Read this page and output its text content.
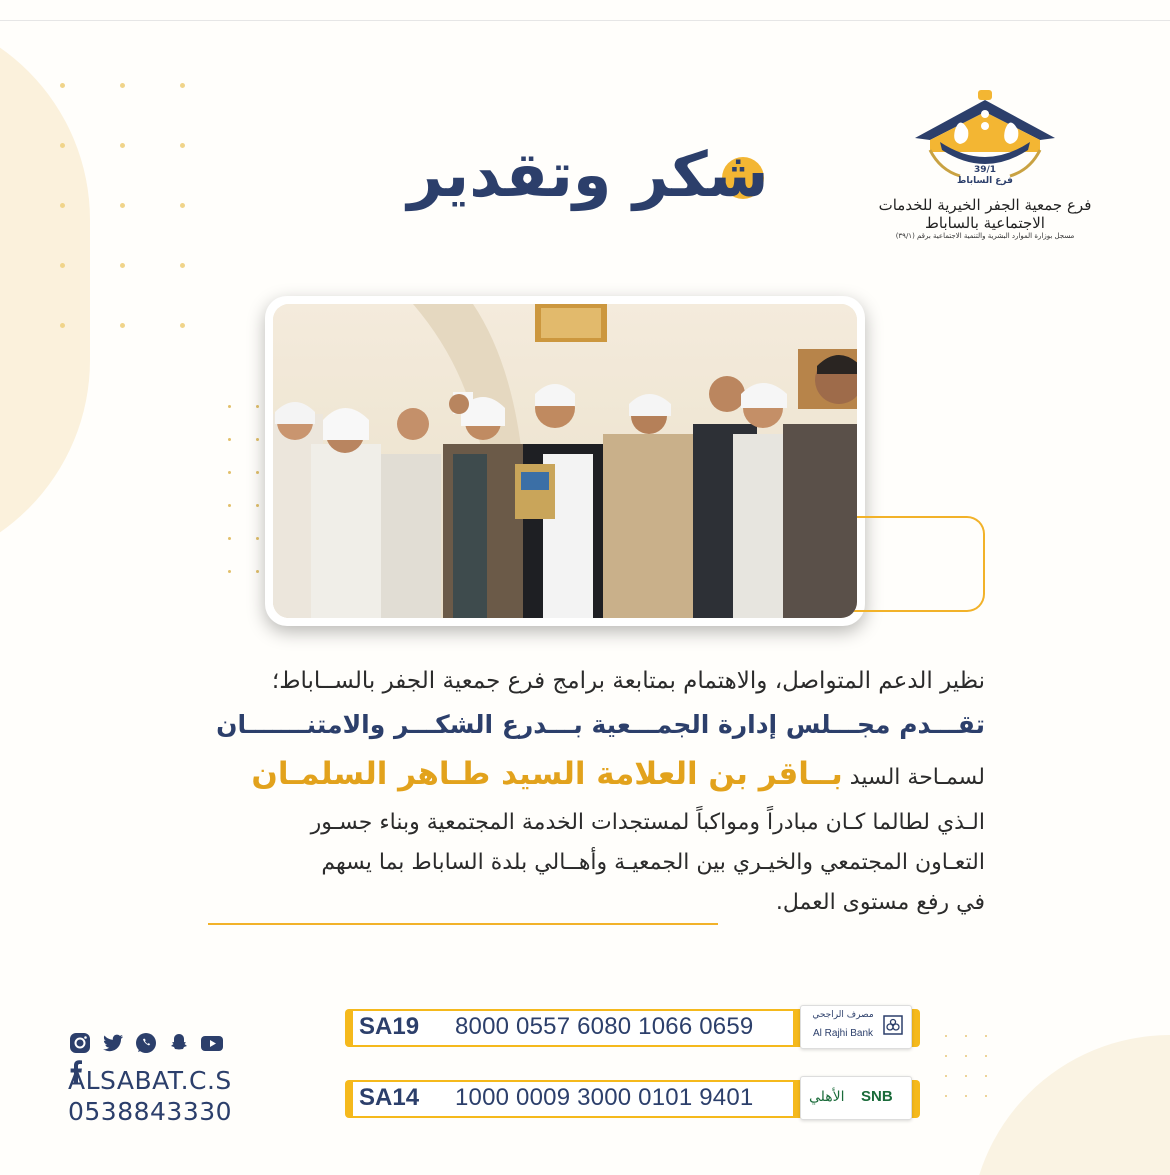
39/1
فرع الساباط
فرع جمعية الجفر الخيرية للخدمات الاجتماعية بالساباط
مسجل بوزارة الموارد البشرية والتنمية الاجتماعية برقم (٣٩/١)
شكر وتقدير
نظير الدعم المتواصل، والاهتمام بمتابعة برامج فرع جمعية الجفر بالســاباط؛
تقـــدم مجـــلس إدارة الجمـــعية بـــدرع الشكـــر والامتنـــــــان
لسمـاحة السيد بــاقر بن العلامة السيد طـاهر السلمـان
الـذي لطالما كـان مبادراً ومواكباً لمستجدات الخدمة المجتمعية وبناء جسـور
التعـاون المجتمعي والخيـري بين الجمعيـة وأهــالي بلدة الساباط بما يسهم
في رفع مستوى العمل.
SA19 8000 0557 6080 1066 0659	مصرف الراجحي
Al Rajhi Bank
SA14 1000 0009 3000 0101 9401	SNB
الأهلي

ALSABAT.C.S
0538843330
